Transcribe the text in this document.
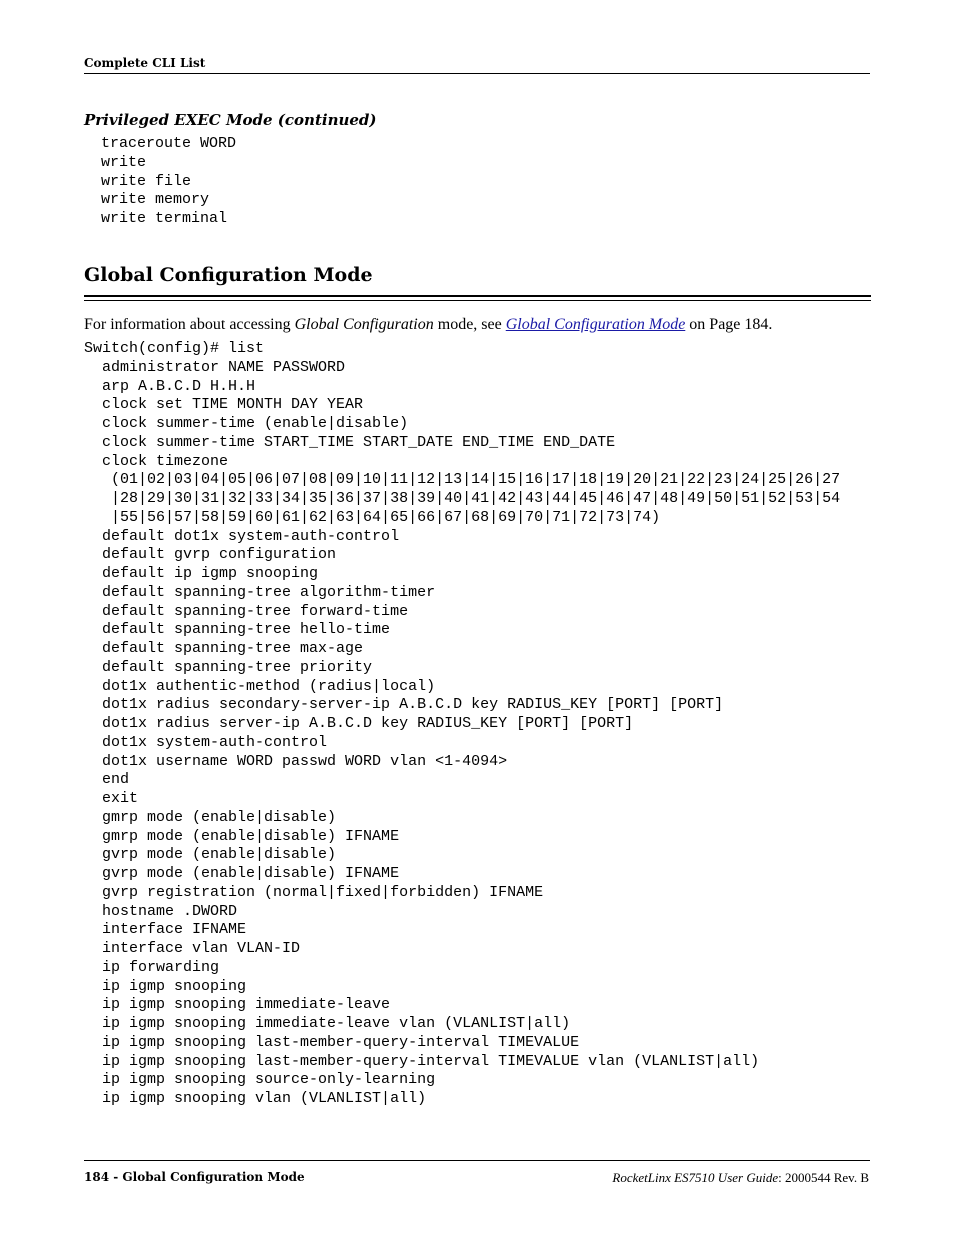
Complete CLI List
Privileged EXEC Mode (continued)
traceroute WORD
write
write file
write memory
write terminal

Global Configuration Mode
For information about accessing Global Configuration mode, see Global Configuration Mode on Page 184.
Switch(config)# list
administrator NAME PASSWORD
arp A.B.C.D H.H.H
clock set TIME MONTH DAY YEAR
clock summer-time (enable|disable)
clock summer-time START_TIME START_DATE END_TIME END_DATE
clock timezone
(01|02|03|04|05|06|07|08|09|10|11|12|13|14|15|16|17|18|19|20|21|22|23|24|25|26|27
|28|29|30|31|32|33|34|35|36|37|38|39|40|41|42|43|44|45|46|47|48|49|50|51|52|53|54
|55|56|57|58|59|60|61|62|63|64|65|66|67|68|69|70|71|72|73|74)
default dot1x system-auth-control
default gvrp configuration
default ip igmp snooping
default spanning-tree algorithm-timer
default spanning-tree forward-time
default spanning-tree hello-time
default spanning-tree max-age
default spanning-tree priority
dot1x authentic-method (radius|local)
dot1x radius secondary-server-ip A.B.C.D key RADIUS_KEY [PORT] [PORT]
dot1x radius server-ip A.B.C.D key RADIUS_KEY [PORT] [PORT]
dot1x system-auth-control
dot1x username WORD passwd WORD vlan <1-4094>
end
exit
gmrp mode (enable|disable)
gmrp mode (enable|disable) IFNAME
gvrp mode (enable|disable)
gvrp mode (enable|disable) IFNAME
gvrp registration (normal|fixed|forbidden) IFNAME
hostname .DWORD
interface IFNAME
interface vlan VLAN-ID
ip forwarding
ip igmp snooping
ip igmp snooping immediate-leave
ip igmp snooping immediate-leave vlan (VLANLIST|all)
ip igmp snooping last-member-query-interval TIMEVALUE
ip igmp snooping last-member-query-interval TIMEVALUE vlan (VLANLIST|all)
ip igmp snooping source-only-learning
ip igmp snooping vlan (VLANLIST|all)

184 - Global Configuration Mode	RocketLinx ES7510 User Guide: 2000544 Rev. B
